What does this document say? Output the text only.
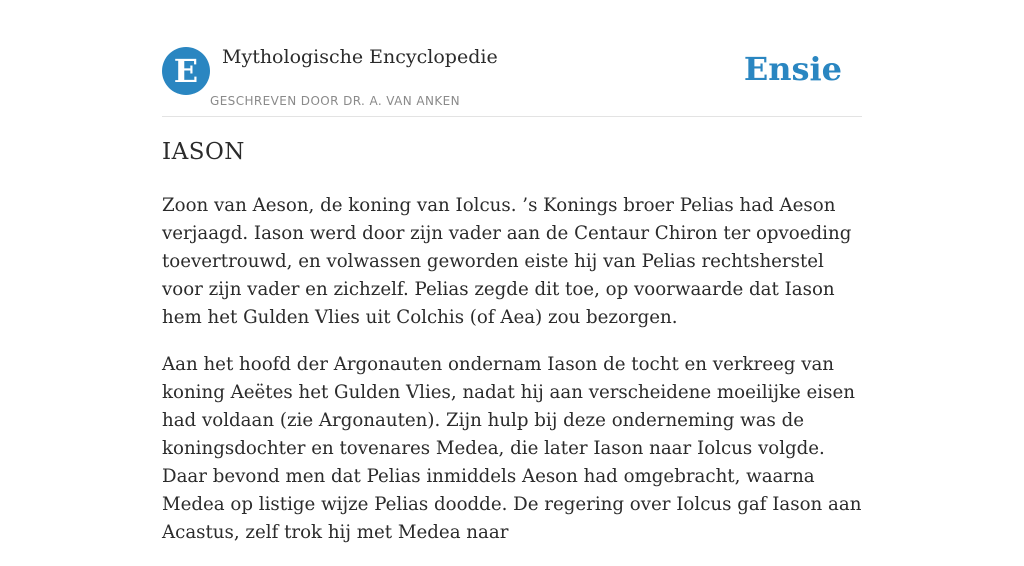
E	Mythologische Encyclopedie
GESCHREVEN DOOR DR. A. VAN ANKEN
Ensie
IASON

Zoon van Aeson, de koning van Iolcus. ’s Konings broer Pelias had Aeson verjaagd. Iason werd door zijn vader aan de Centaur Chiron ter opvoeding toevertrouwd, en volwassen geworden eiste hij van Pelias rechtsherstel voor zijn vader en zichzelf. Pelias zegde dit toe, op voorwaarde dat Iason hem het Gulden Vlies uit Colchis (of Aea) zou bezorgen.

Aan het hoofd der Argonauten ondernam Iason de tocht en verkreeg van koning Aeëtes het Gulden Vlies, nadat hij aan verscheidene moeilijke eisen had voldaan (zie Argonauten). Zijn hulp bij deze onderneming was de koningsdochter en tovenares Medea, die later Iason naar Iolcus volgde. Daar bevond men dat Pelias inmiddels Aeson had omgebracht, waarna Medea op listige wijze Pelias doodde. De regering over Iolcus gaf Iason aan Acastus, zelf trok hij met Medea naar
